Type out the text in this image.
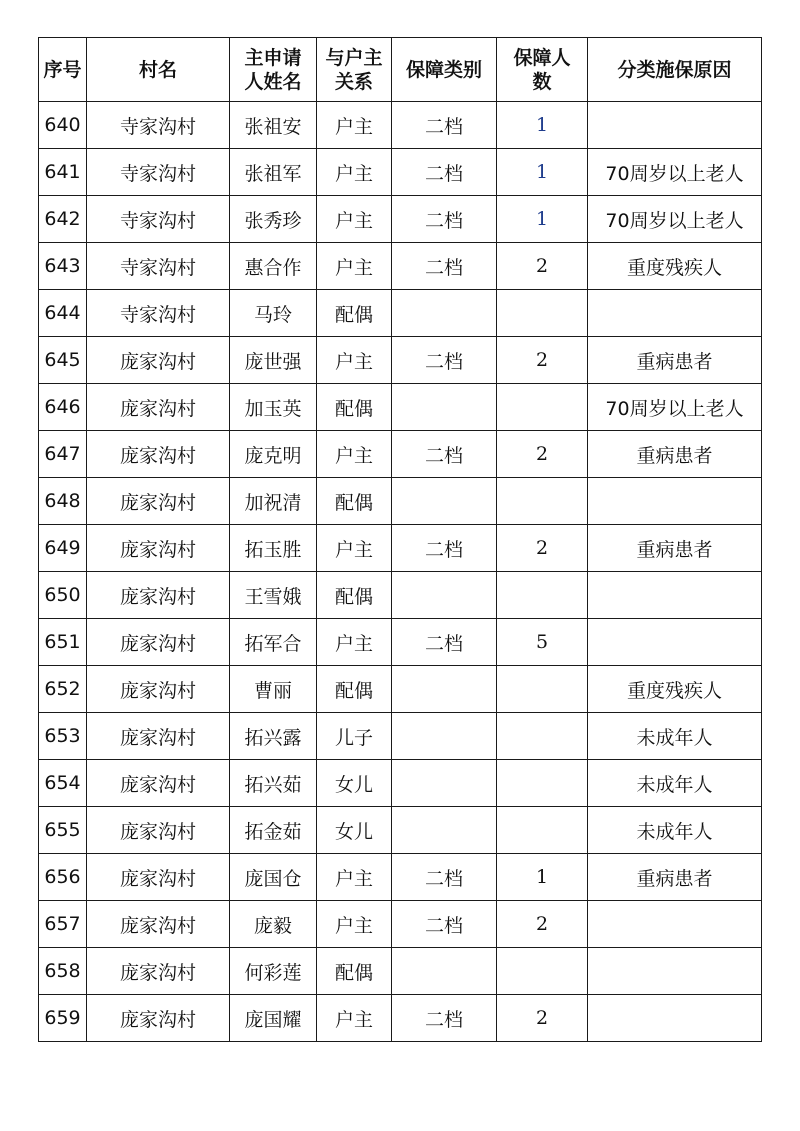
序号	村名	主申请人姓名	与户主关系	保障类别	保障人数	分类施保原因
640	寺家沟村	张祖安	户主	二档	1	
641	寺家沟村	张祖军	户主	二档	1	70周岁以上老人
642	寺家沟村	张秀珍	户主	二档	1	70周岁以上老人
643	寺家沟村	惠合作	户主	二档	2	重度残疾人
644	寺家沟村	马玲	配偶			
645	庞家沟村	庞世强	户主	二档	2	重病患者
646	庞家沟村	加玉英	配偶			70周岁以上老人
647	庞家沟村	庞克明	户主	二档	2	重病患者
648	庞家沟村	加祝清	配偶			
649	庞家沟村	拓玉胜	户主	二档	2	重病患者
650	庞家沟村	王雪娥	配偶			
651	庞家沟村	拓军合	户主	二档	5	
652	庞家沟村	曹丽	配偶			重度残疾人
653	庞家沟村	拓兴露	儿子			未成年人
654	庞家沟村	拓兴茹	女儿			未成年人
655	庞家沟村	拓金茹	女儿			未成年人
656	庞家沟村	庞国仓	户主	二档	1	重病患者
657	庞家沟村	庞毅	户主	二档	2	
658	庞家沟村	何彩莲	配偶			
659	庞家沟村	庞国耀	户主	二档	2	
